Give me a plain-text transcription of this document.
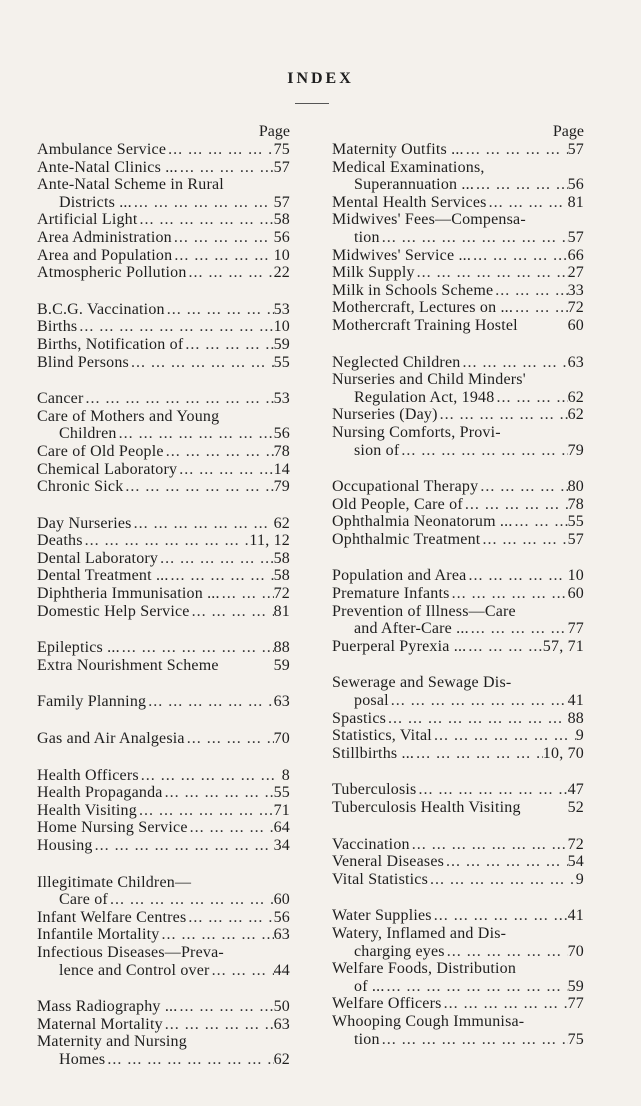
INDEX
Page
Ambulance Service ... .	75
Ante-Natal Clinics ... ... .	57
Ante-Natal Scheme in Rural
Districts ... ... .	57
Artificial Light ... .	58
Area Administration ... .	56
Area and Population ... .	10
Atmospheric Pollution ... .	22
B.C.G. Vaccination ... .	53
Births ... .	10
Births, Notification of ... .	59
Blind Persons ... .	55
Cancer ... .	53
Care of Mothers and Young
Children ... .	56
Care of Old People ... .	78
Chemical Laboratory ... .	14
Chronic Sick ... .	79
Day Nurseries ... .	62
Deaths ... .	11, 12
Dental Laboratory ... .	58
Dental Treatment ... ... .	58
Diphtheria Immunisation ... ... .	72
Domestic Help Service ... .	81
Epileptics ... ... .	88
Extra Nourishment Scheme	59
Family Planning ... .	63
Gas and Air Analgesia ... .	70
Health Officers ... .	8
Health Propaganda ... .	55
Health Visiting ... .	71
Home Nursing Service ... .	64
Housing ... .	34
Illegitimate Children—
Care of ... .	60
Infant Welfare Centres ... .	56
Infantile Mortality ... .	63
Infectious Diseases—Preva-
lence and Control over ... .	44
Mass Radiography ... ... .	50
Maternal Mortality ... .	63
Maternity and Nursing
Homes ... .	62
Page
Maternity Outfits ... ... .	57
Medical Examinations,
Superannuation ... ... .	56
Mental Health Services ... .	81
Midwives' Fees—Compensa-
tion ... .	57
Midwives' Service ... ... .	66
Milk Supply ... .	27
Milk in Schools Scheme ... .	33
Mothercraft, Lectures on ... ... .	72
Mothercraft Training Hostel	60
Neglected Children ... .	63
Nurseries and Child Minders'
Regulation Act, 1948 ... .	62
Nurseries (Day) ... .	62
Nursing Comforts, Provi-
sion of ... .	79
Occupational Therapy ... .	80
Old People, Care of ... .	78
Ophthalmia Neonatorum ... ... .	55
Ophthalmic Treatment ... .	57
Population and Area ... .	10
Premature Infants ... .	60
Prevention of Illness—Care
and After-Care ... ... .	77
Puerperal Pyrexia ... ... .	57, 71
Sewerage and Sewage Dis-
posal ... .	41
Spastics ... .	88
Statistics, Vital ... .	9
Stillbirths ... ... .	10, 70
Tuberculosis ... .	47
Tuberculosis Health Visiting	52
Vaccination ... .	72
Veneral Diseases ... .	54
Vital Statistics ... .	9
Water Supplies ... .	41
Watery, Inflamed and Dis-
charging eyes ... .	70
Welfare Foods, Distribution
of ... ... .	59
Welfare Officers ... .	77
Whooping Cough Immunisa-
tion ... .	75
